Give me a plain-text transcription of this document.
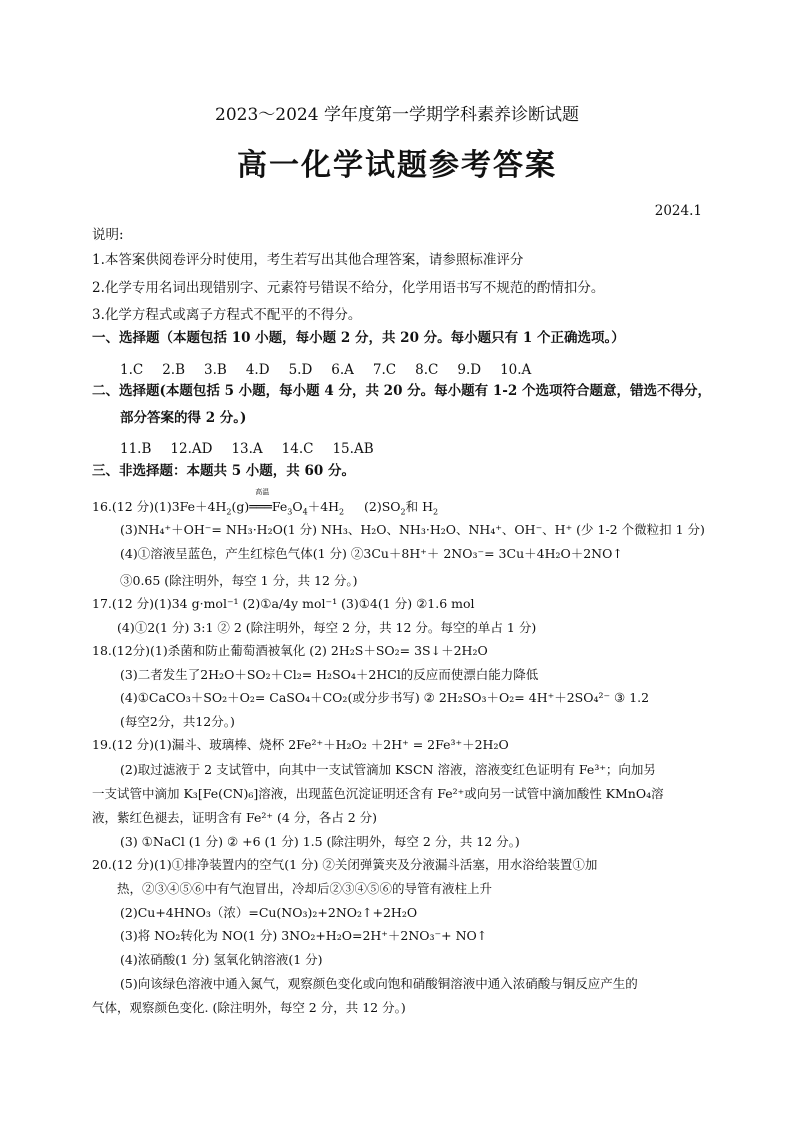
2023～2024 学年度第一学期学科素养诊断试题
高一化学试题参考答案
2024.1
说明:
1.本答案供阅卷评分时使用，考生若写出其他合理答案，请参照标准评分
2.化学专用名词出现错别字、元素符号错误不给分，化学用语书写不规范的酌情扣分。
3.化学方程式或离子方程式不配平的不得分。
一、选择题（本题包括 10 小题，每小题 2 分，共 20 分。每小题只有 1 个正确选项。）
1.C 2.B 3.B 4.D 5.D 6.A 7.C 8.C 9.D 10.A
二、选择题(本题包括 5 小题，每小题 4 分，共 20 分。每小题有 1-2 个选项符合题意，错选不得分，
部分答案的得 2 分。)
11.B 12.AD 13.A 14.C 15.AB
三、非选择题：本题共 5 小题，共 60 分。
16.(12 分)$(1)3Fe+4H_2(g)$
高温
$═══Fe_3O_4+4H_2$ $(2)SO_2$和 $H_2$
(3)NH₄⁺＋OH⁻= NH₃·H₂O(1 分) NH₃、H₂O、NH₃·H₂O、NH₄⁺、OH⁻、H⁺ (少 1-2 个微粒扣 1 分)
(4)①溶液呈蓝色，产生红棕色气体(1 分) ②3Cu＋8H⁺＋ 2NO₃⁻= 3Cu＋4H₂O＋2NO↑
③0.65 (除注明外，每空 1 分，共 12 分。)
17.(12 分)(1)34 g·mol⁻¹ (2)①a/4y mol⁻¹ (3)①4(1 分) ②1.6 mol
(4)①2(1 分) 3:1 ② 2 (除注明外，每空 2 分，共 12 分。每空的单占 1 分)
18.(12分)(1)杀菌和防止葡萄酒被氧化 (2) 2H₂S＋SO₂= 3S↓＋2H₂O
(3)二者发生了2H₂O＋SO₂＋Cl₂= H₂SO₄＋2HCl的反应而使漂白能力降低
(4)①CaCO₃＋SO₂＋O₂= CaSO₄＋CO₂(或分步书写) ② 2H₂SO₃＋O₂= 4H⁺＋2SO₄²⁻ ③ 1.2
(每空2分，共12分。)
19.(12 分)(1)漏斗、玻璃棒、烧杯 2Fe²⁺＋H₂O₂ ＋2H⁺ = 2Fe³⁺＋2H₂O
(2)取过滤液于 2 支试管中，向其中一支试管滴加 KSCN 溶液，溶液变红色证明有 Fe³⁺；向加另
一支试管中滴加 K₃[Fe(CN)₆]溶液，出现蓝色沉淀证明还含有 Fe²⁺或向另一试管中滴加酸性 KMnO₄溶
液，紫红色褪去，证明含有 Fe²⁺ (4 分，各占 2 分)
(3) ①NaCl (1 分) ② +6 (1 分) 1.5 (除注明外，每空 2 分，共 12 分。)
20.(12 分)(1)①排净装置内的空气(1 分) ②关闭弹簧夹及分液漏斗活塞，用水浴给装置①加
热，②③④⑤⑥中有气泡冒出，冷却后②③④⑤⑥的导管有液柱上升
(2)Cu+4HNO₃（浓）=Cu(NO₃)₂+2NO₂↑+2H₂O
(3)将 NO₂转化为 NO(1 分) 3NO₂+H₂O=2H⁺＋2NO₃⁻+ NO↑
(4)浓硝酸(1 分) 氢氧化钠溶液(1 分)
(5)向该绿色溶液中通入氮气，观察颜色变化或向饱和硝酸铜溶液中通入浓硝酸与铜反应产生的
气体，观察颜色变化. (除注明外，每空 2 分，共 12 分。)
